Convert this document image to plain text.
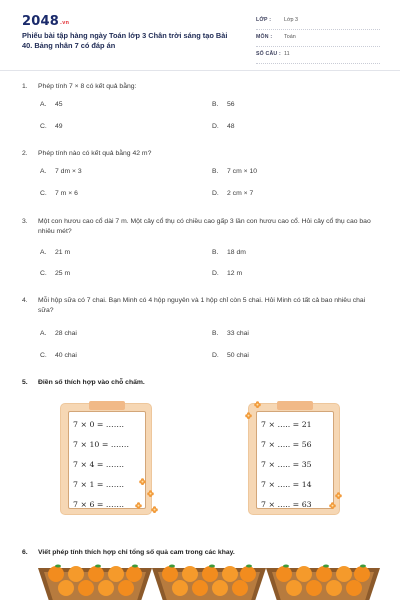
$2048^{.vn}$
Phiếu bài tập hàng ngày Toán lớp 3 Chân trời sáng tạo Bài 40. Bảng nhân 7 có đáp án
LỚP : Lớp 3
MÔN : Toán
SỐ CÂU : 11
1. Phép tính 7 × 8 có kết quả bằng:
A. 45	B. 56
C. 49	D. 48
2. Phép tính nào có kết quả bằng 42 m?
A. 7 dm × 3	B. 7 cm × 10
C. 7 m × 6	D. 2 cm × 7
3. Một con hươu cao cổ dài 7 m. Một cây cổ thụ có chiều cao gấp 3 lần con hươu cao cổ. Hỏi cây cổ thụ cao bao nhiêu mét?
A. 21 m	B. 18 dm
C. 25 m	D. 12 m
4. Mỗi hộp sữa có 7 chai. Bạn Minh có 4 hộp nguyên và 1 hộp chỉ còn 5 chai. Hỏi Minh có tất cả bao nhiêu chai sữa?
A. 28 chai	B. 33 chai
C. 40 chai	D. 50 chai
5. Điền số thích hợp vào chỗ chấm.
7 × 0 = …….
7 × 10 = …….
7 × 4 = …….
7 × 1 = …….
7 × 6 = …….
7 × ….. = 21
7 × ….. = 56
7 × ….. = 35
7 × ….. = 14
7 × ….. = 63
6. Viết phép tính thích hợp chỉ tổng số quả cam trong các khay.
